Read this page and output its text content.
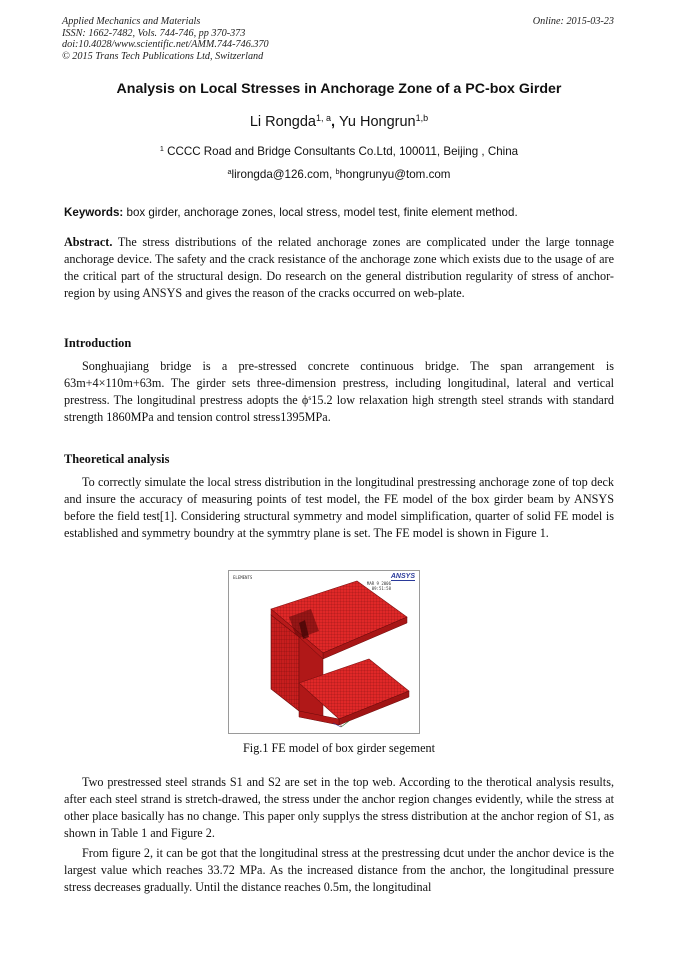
Applied Mechanics and Materials
ISSN: 1662-7482, Vols. 744-746, pp 370-373
doi:10.4028/www.scientific.net/AMM.744-746.370
© 2015 Trans Tech Publications Ltd, Switzerland
Online: 2015-03-23
Analysis on Local Stresses in Anchorage Zone of a PC-box Girder
Li Rongda$^{1, a}$, Yu Hongrun$^{1,b}$
$^1$ CCCC Road and Bridge Consultants Co.Ltd, 100011, Beijing , China
$^a$lirongda@126.com, $^b$hongrunyu@tom.com
Keywords: box girder, anchorage zones, local stress, model test, finite element method.
Abstract. The stress distributions of the related anchorage zones are complicated under the large tonnage anchorage device. The safety and the crack resistance of the anchorage zone which exists due to the usage of are the critical part of the structural design. Do research on the general distribution regularity of stress of anchor-region by using ANSYS and gives the reason of the cracks occurred on web-plate.
Introduction
Songhuajiang bridge is a pre-stressed concrete continuous bridge. The span arrangement is 63m+4×110m+63m. The girder sets three-dimension prestress, including longitudinal, lateral and vertical prestress. The longitudinal prestress adopts the $\phi^s15.2$ low relaxation high strength steel strands with standard strength 1860MPa and tension control stress1395MPa.
Theoretical analysis
To correctly simulate the local stress distribution in the longitudinal prestressing anchorage zone of top deck and insure the accuracy of measuring points of test model, the FE model of the box girder beam by ANSYS before the field test[1]. Considering structural symmetry and model simplification, quarter of solid FE model is established and symmetry boundry at the symmtry plane is set. The FE model is shown in Figure 1.
ELEMENTS
MAR 9 2006
09:51:58
ANSYS
Fig.1 FE model of box girder segement
Two prestressed steel strands S1 and S2 are set in the top web. According to the therotical analysis results, after each steel strand is stretch-drawed, the stress under the anchor region changes evidently, while the stress at other place basically has no change. This paper only supplys the stress distribution at the anchor region of S1, as shown in Table 1 and Figure 2.
From figure 2, it can be got that the longitudinal stress at the prestressing dcut under the anchor device is the largest value which reaches 33.72 MPa. As the increased distance from the anchor, the longitudinal pressure stress decreases gradually. Until the distance reaches 0.5m, the longitudinal
